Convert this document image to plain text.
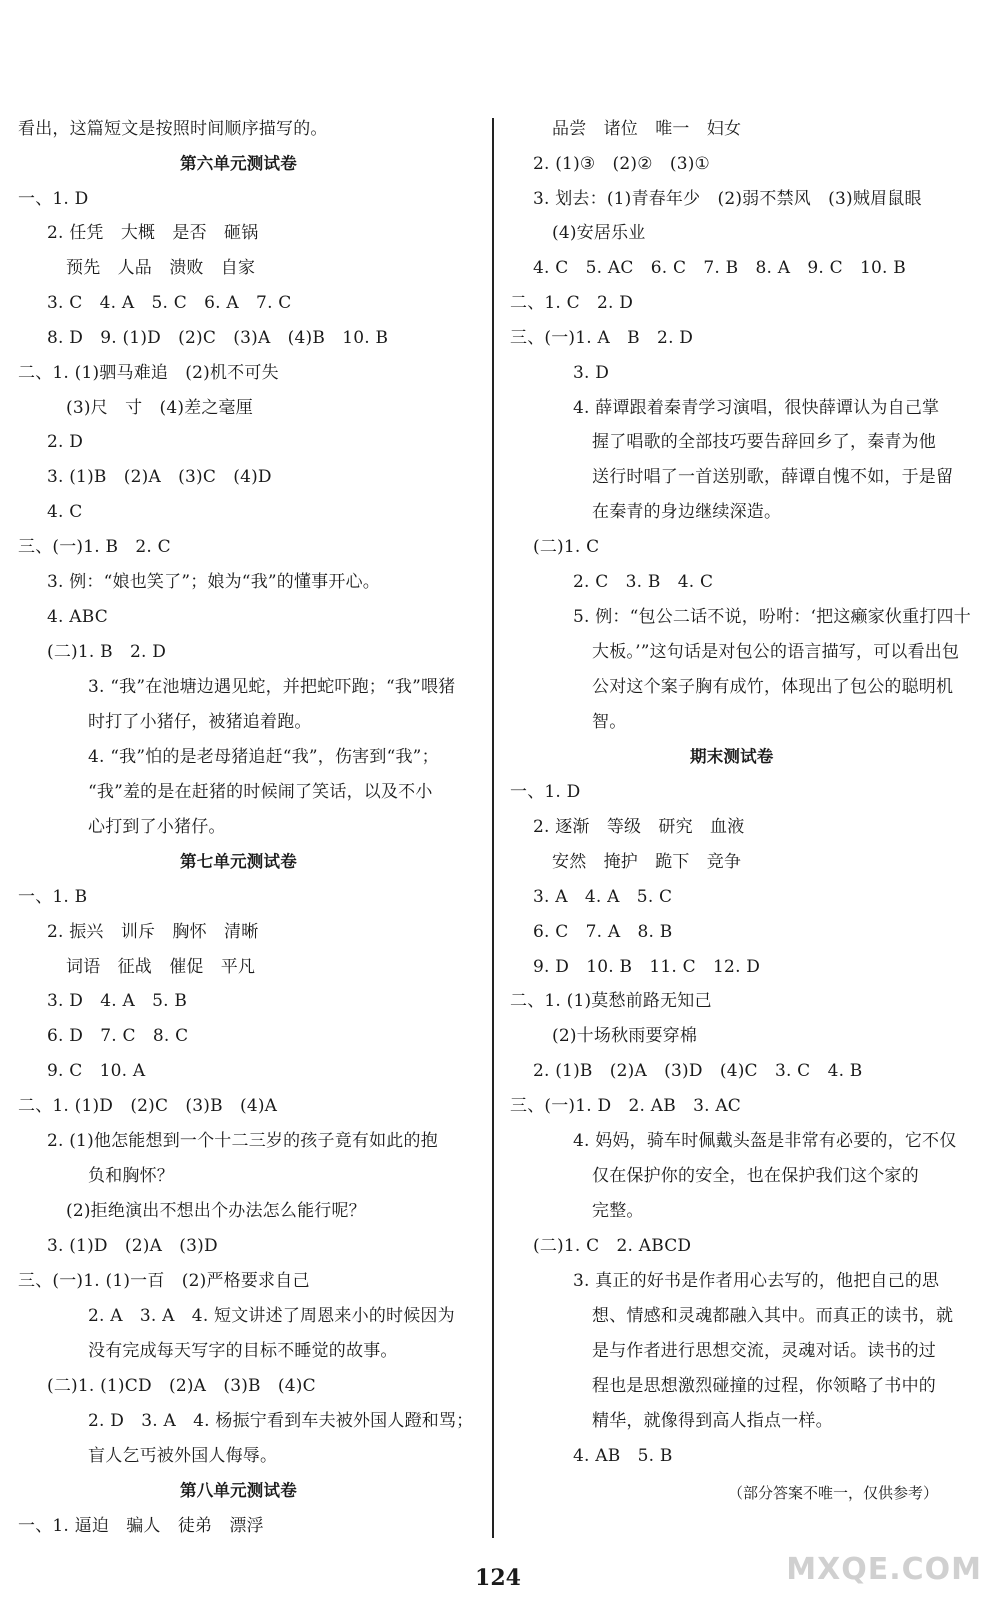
看出，这篇短文是按照时间顺序描写的。
第六单元测试卷
一、1. D
2. 任凭　大概　是否　砸锅
预先　人品　溃败　自家
3. C　4. A　5. C　6. A　7. C
8. D　9. (1)D　(2)C　(3)A　(4)B　10. B
二、1. (1)驷马难追　(2)机不可失
(3)尺　寸　(4)差之毫厘
2. D
3. (1)B　(2)A　(3)C　(4)D
4. C
三、(一)1. B　2. C
3. 例：“娘也笑了”；娘为“我”的懂事开心。
4. ABC
(二)1. B　2. D
3. “我”在池塘边遇见蛇，并把蛇吓跑；“我”喂猪
时打了小猪仔，被猪追着跑。
4. “我”怕的是老母猪追赶“我”，伤害到“我”；
“我”羞的是在赶猪的时候闹了笑话，以及不小
心打到了小猪仔。
第七单元测试卷
一、1. B
2. 振兴　训斥　胸怀　清晰
词语　征战　催促　平凡
3. D　4. A　5. B
6. D　7. C　8. C
9. C　10. A
二、1. (1)D　(2)C　(3)B　(4)A
2. (1)他怎能想到一个十二三岁的孩子竟有如此的抱
负和胸怀？
(2)拒绝演出不想出个办法怎么能行呢？
3. (1)D　(2)A　(3)D
三、(一)1. (1)一百　(2)严格要求自己
2. A　3. A　4. 短文讲述了周恩来小的时候因为
没有完成每天写字的目标不睡觉的故事。
(二)1. (1)CD　(2)A　(3)B　(4)C
2. D　3. A　4. 杨振宁看到车夫被外国人蹬和骂；
盲人乞丐被外国人侮辱。
第八单元测试卷
一、1. 逼迫　骗人　徒弟　漂浮
品尝　诸位　唯一　妇女
2. (1)③　(2)②　(3)①
3. 划去：(1)青春年少　(2)弱不禁风　(3)贼眉鼠眼
(4)安居乐业
4. C　5. AC　6. C　7. B　8. A　9. C　10. B
二、1. C　2. D
三、(一)1. A　B　2. D
3. D
4. 薛谭跟着秦青学习演唱，很快薛谭认为自己掌
握了唱歌的全部技巧要告辞回乡了，秦青为他
送行时唱了一首送别歌，薛谭自愧不如，于是留
在秦青的身边继续深造。
(二)1. C
2. C　3. B　4. C
5. 例：“包公二话不说，吩咐：‘把这癞家伙重打四十
大板。’”这句话是对包公的语言描写，可以看出包
公对这个案子胸有成竹，体现出了包公的聪明机
智。
期末测试卷
一、1. D
2. 逐渐　等级　研究　血液
安然　掩护　跪下　竞争
3. A　4. A　5. C
6. C　7. A　8. B
9. D　10. B　11. C　12. D
二、1. (1)莫愁前路无知己
(2)十场秋雨要穿棉
2. (1)B　(2)A　(3)D　(4)C　3. C　4. B
三、(一)1. D　2. AB　3. AC
4. 妈妈，骑车时佩戴头盔是非常有必要的，它不仅
仅在保护你的安全，也在保护我们这个家的
完整。
(二)1. C　2. ABCD
3. 真正的好书是作者用心去写的，他把自己的思
想、情感和灵魂都融入其中。而真正的读书，就
是与作者进行思想交流，灵魂对话。读书的过
程也是思想激烈碰撞的过程，你领略了书中的
精华，就像得到高人指点一样。
4. AB　5. B
（部分答案不唯一，仅供参考）
MXQE.COM
124
